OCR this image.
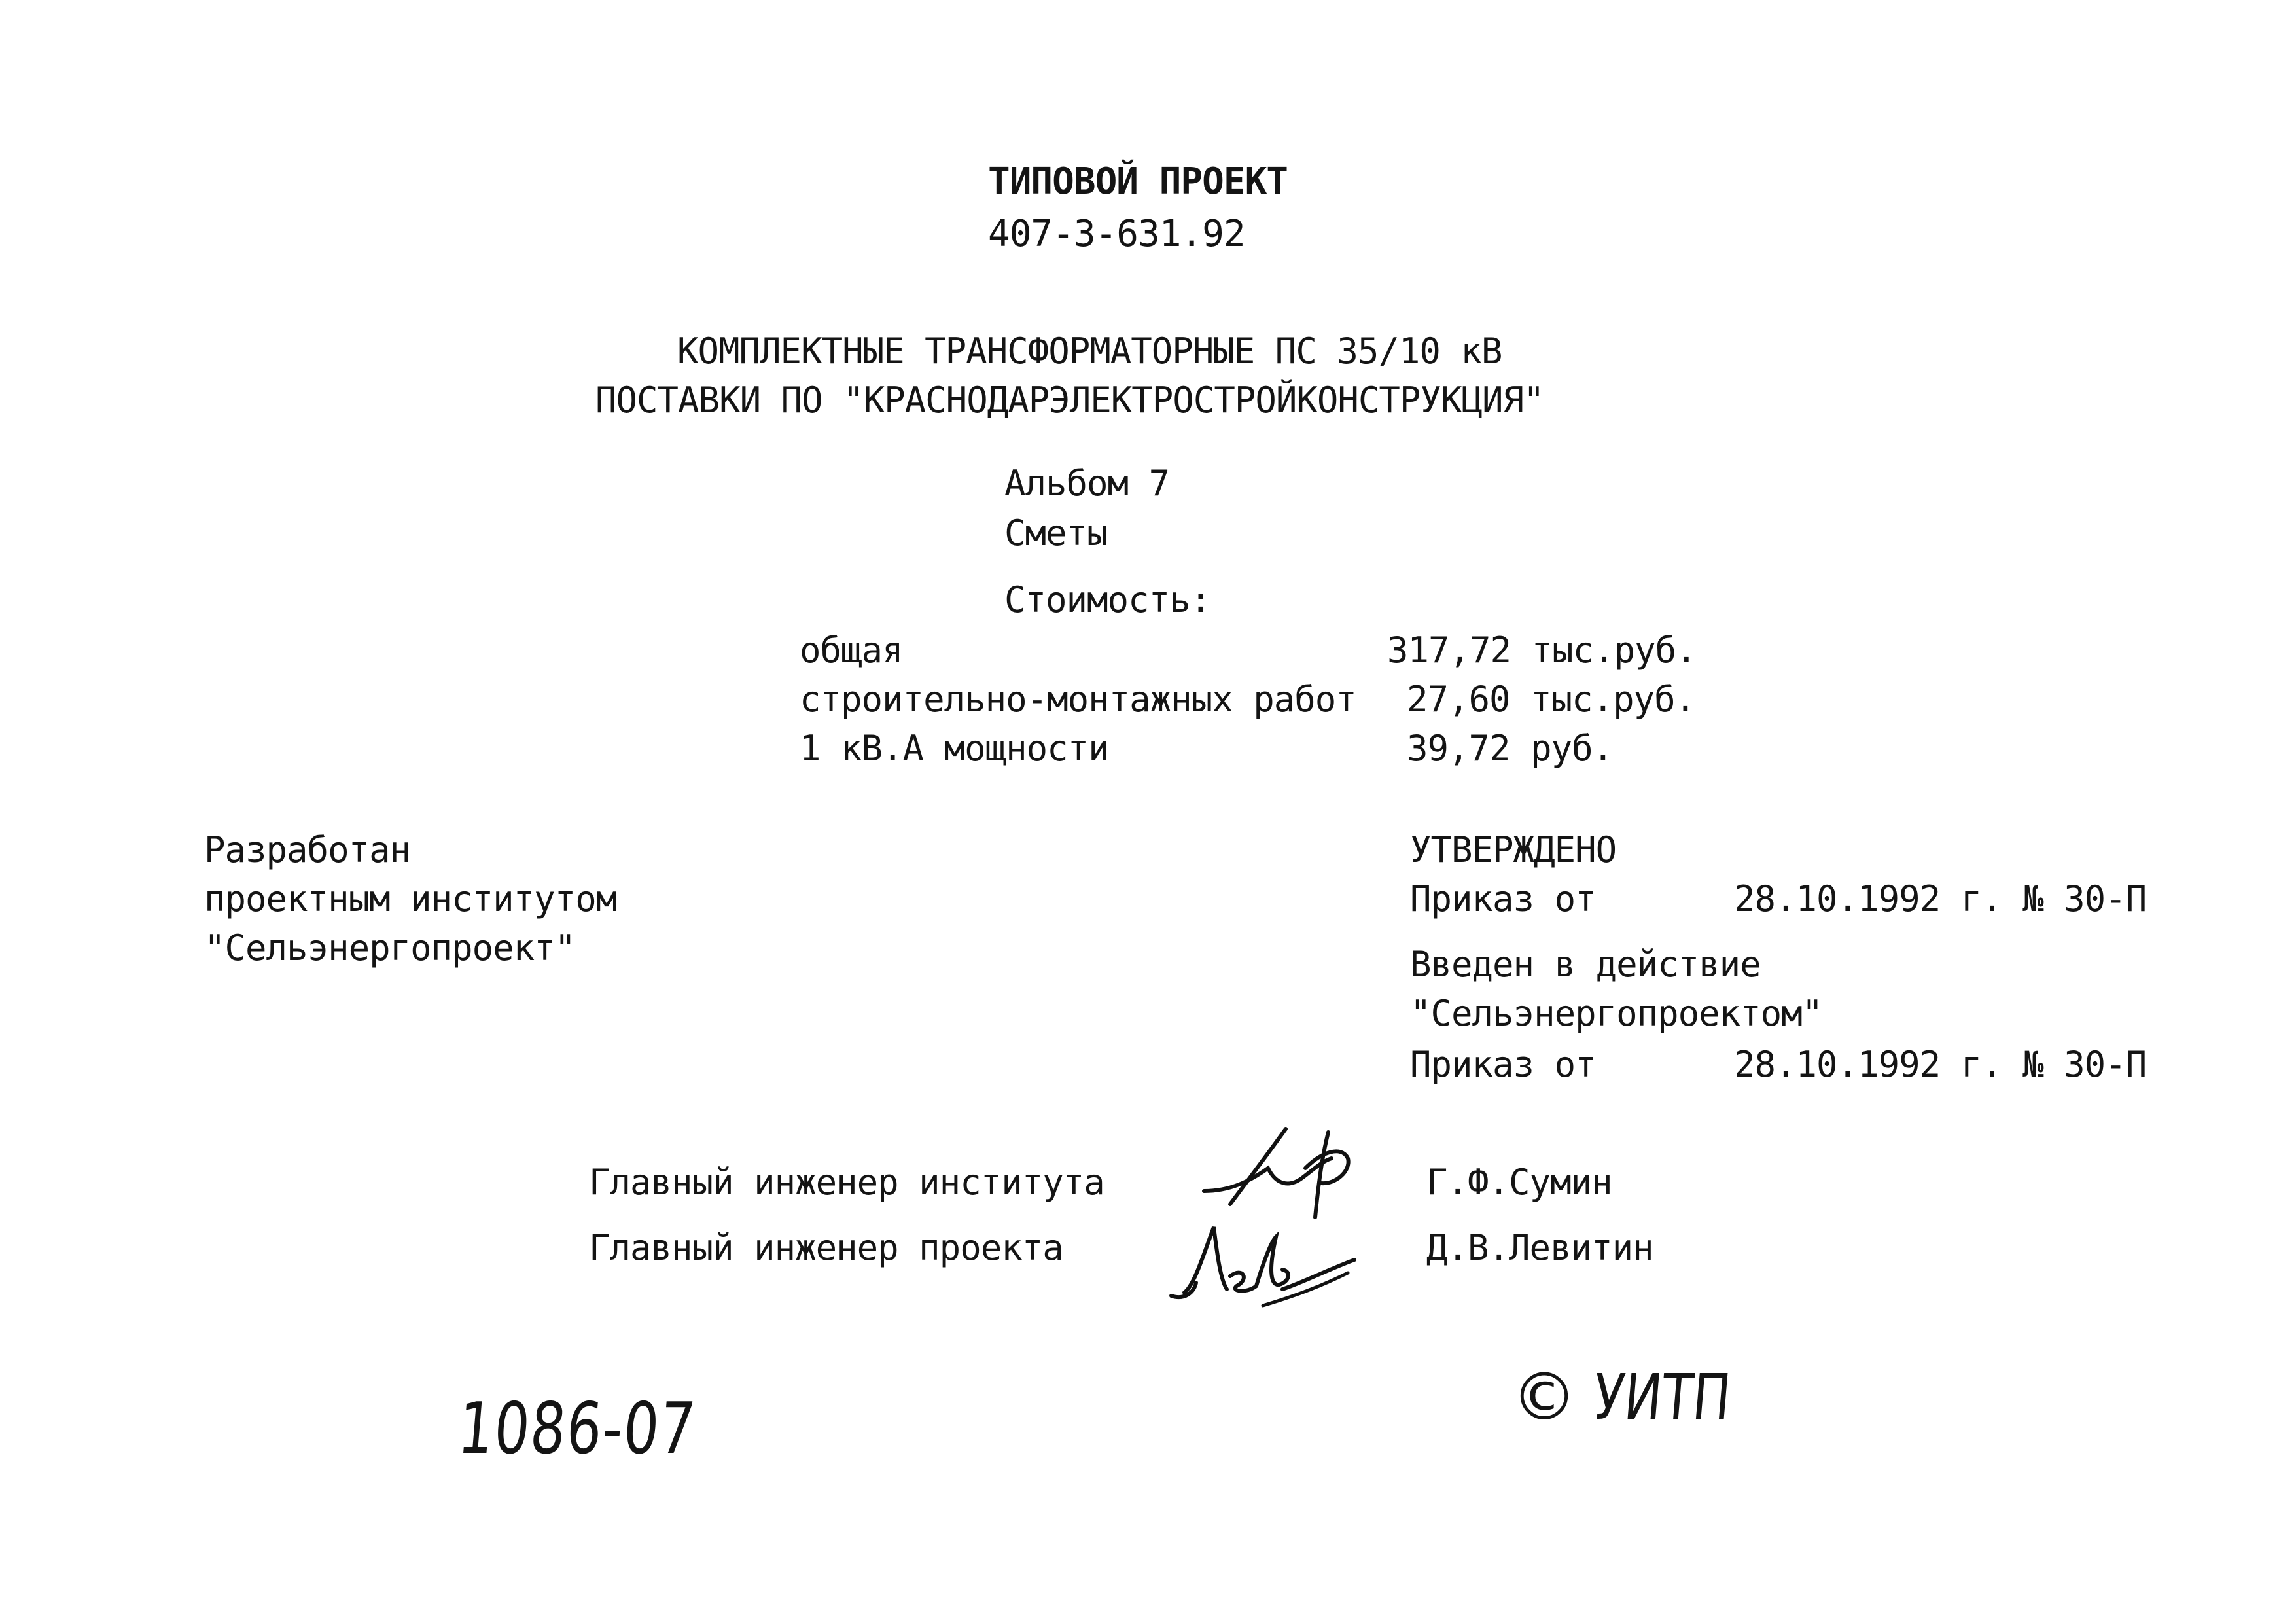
ТИПОВОЙ ПРОЕКТ
407-3-631.92
КОМПЛЕКТНЫЕ ТРАНСФОРМАТОРНЫЕ ПС 35/10 кВ
ПОСТАВКИ ПО "КРАСНОДАРЭЛЕКТРОСТРОЙКОНСТРУКЦИЯ"
Альбом 7
Сметы
Стоимость:
общая	317,72 тыс.руб.
строительно-монтажных работ 27,60 тыс.руб.
1 кВ.А мощности	39,72 руб.
Разработан
проектным институтом
"Сельэнергопроект"
УТВЕРЖДЕНО
Приказ от	28.10.1992 г. № 30-П
Введен в действие
"Сельэнергопроектом"
Приказ от	28.10.1992 г. № 30-П
Главный инженер института	Г.Ф.Сумин
Главный инженер проекта	Д.В.Левитин
1086-07	© УИТП
